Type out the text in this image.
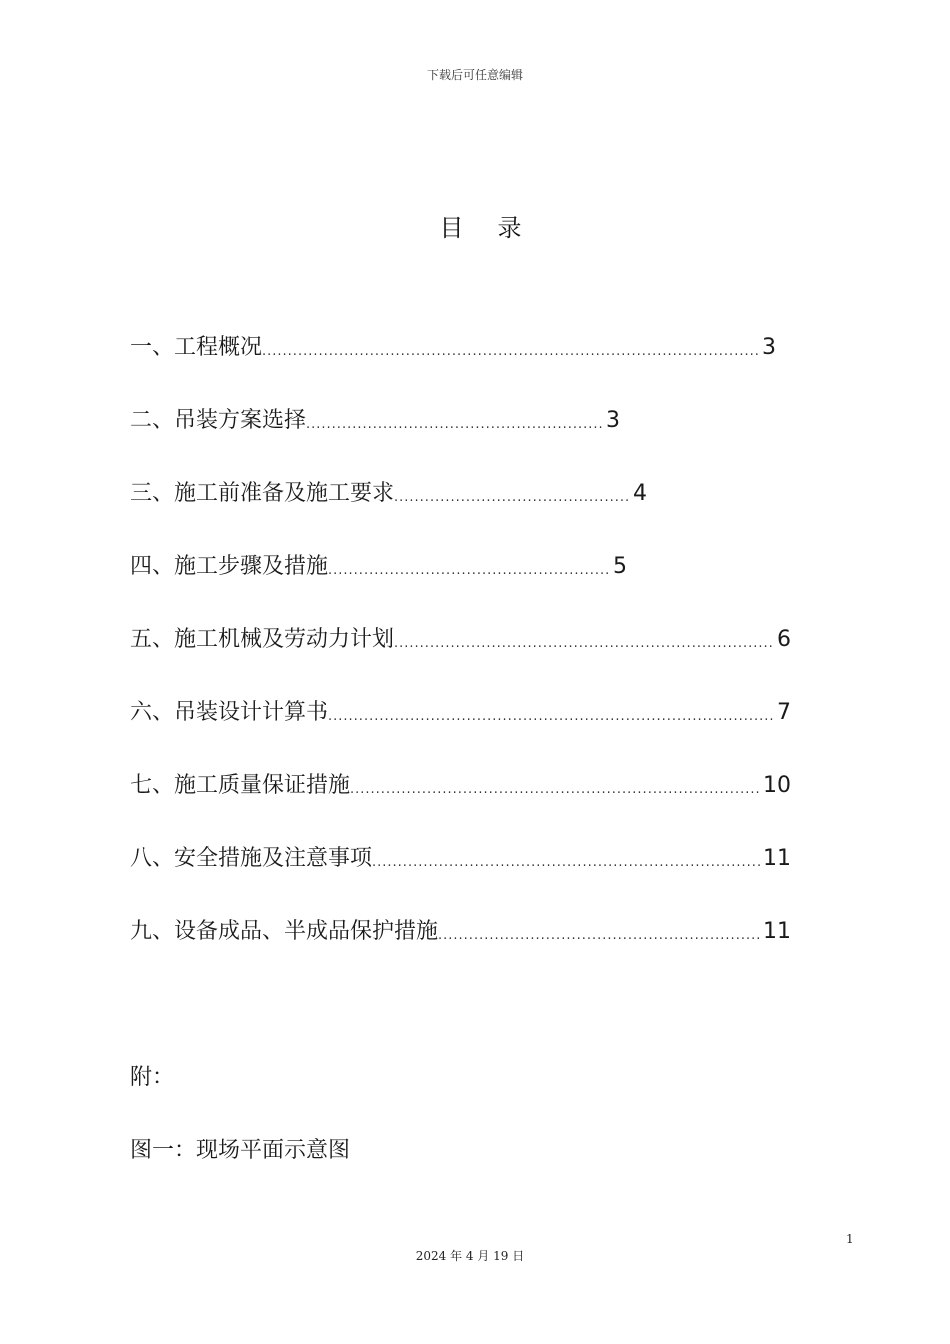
下载后可任意编辑
目录
一、工程概况 .....	3
二、吊装方案选择 .....	3
三、施工前准备及施工要求 .....	4
四、施工步骤及措施 .....	5
五、施工机械及劳动力计划 .....	6
六、吊装设计计算书 .....	7
七、施工质量保证措施 .....	10
八、安全措施及注意事项 .....	11
九、设备成品、半成品保护措施 .....	11
附：
图一：现场平面示意图
1
2024 年 4 月 19 日
